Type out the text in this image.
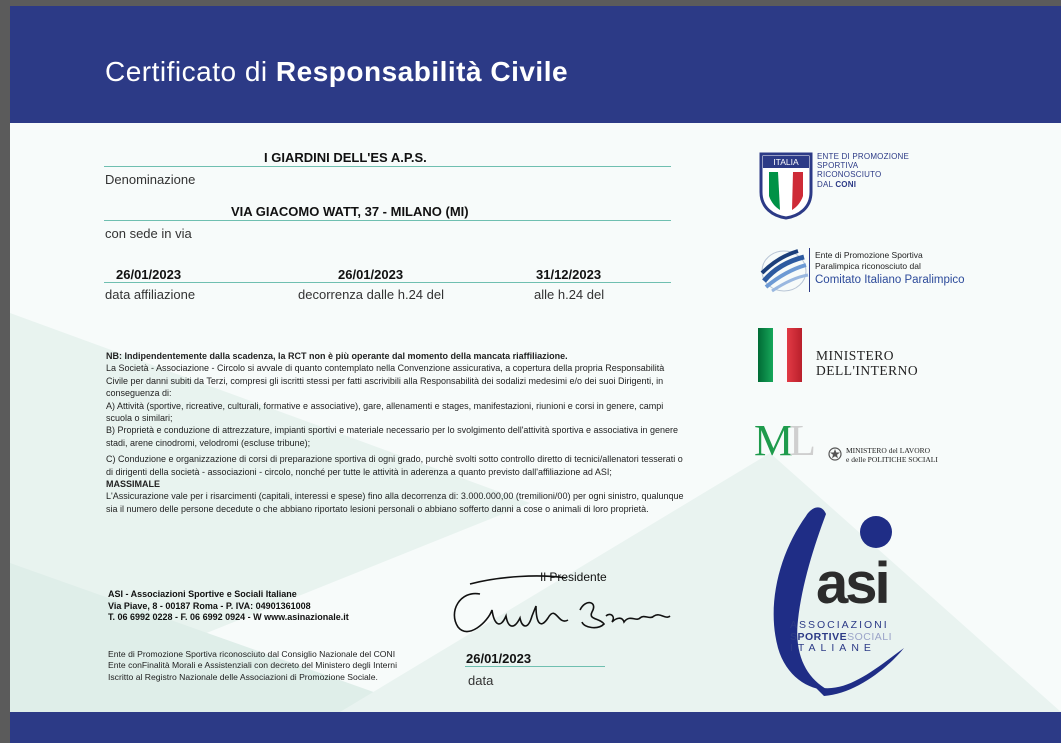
Certificato di Responsabilità Civile
I GIARDINI DELL'ES A.P.S.
Denominazione
VIA GIACOMO WATT, 37 - MILANO (MI)
con sede in via
26/01/2023
data affiliazione
26/01/2023
decorrenza dalle h.24 del
31/12/2023
alle h.24 del

NB: Indipendentemente dalla scadenza, la RCT non è più operante dal momento della mancata riaffiliazione.

La Società - Associazione - Circolo si avvale di quanto contemplato nella Convenzione assicurativa, a copertura della propria Responsabilità Civile per danni subiti da Terzi, compresi gli iscritti stessi per fatti ascrivibili alla Responsabilità dei sodalizi medesimi e/o dei suoi Dirigenti, in conseguenza di:

A) Attività (sportive, ricreative, culturali, formative e associative), gare, allenamenti e stages, manifestazioni, riunioni e corsi in genere, campi scuola o similari;

B) Proprietà e conduzione di attrezzature, impianti sportivi e materiale necessario per lo svolgimento dell'attività sportiva e associativa in genere stadi, arene cinodromi, velodromi (escluse tribune);

C) Conduzione e organizzazione di corsi di preparazione sportiva di ogni grado, purchè svolti sotto controllo diretto di tecnici/allenatori tesserati o di dirigenti della società - associazioni - circolo, nonché per tutte le attività in aderenza a quanto previsto dall'affiliazione ad ASI;

MASSIMALE

L'Assicurazione vale per i risarcimenti (capitali, interessi e spese) fino alla decorrenza di: 3.000.000,00 (tremilioni/00) per ogni sinistro, qualunque sia il numero delle persone decedute o che abbiano riportato lesioni personali o abbiano sofferto danni a cose o animali di loro proprietà.

ASI - Associazioni Sportive e Sociali Italiane
Via Piave, 8 - 00187 Roma - P. IVA: 04901361008
T. 06 6992 0228 - F. 06 6992 0924 - W www.asinazionale.it
Ente di Promozione Sportiva riconosciuto dal Consiglio Nazionale del CONI
Ente conFinalità Morali e Assistenziali con decreto del Ministero degli Interni
Iscritto al Registro Nazionale delle Associazioni di Promozione Sociale.
Il Presidente
26/01/2023
data
ITALIA
ENTE DI PROMOZIONE
SPORTIVA
RICONOSCIUTO
DAL CONI
Ente di Promozione Sportiva
Paralimpica riconosciuto dal
Comitato Italiano Paralimpico
MINISTERO
DELL'INTERNO
ML	MINISTERO del LAVORO
e delle POLITICHE SOCIALI
asi
ASSOCIAZIONI
SPORTIVESOCIALI
ITALIANE
